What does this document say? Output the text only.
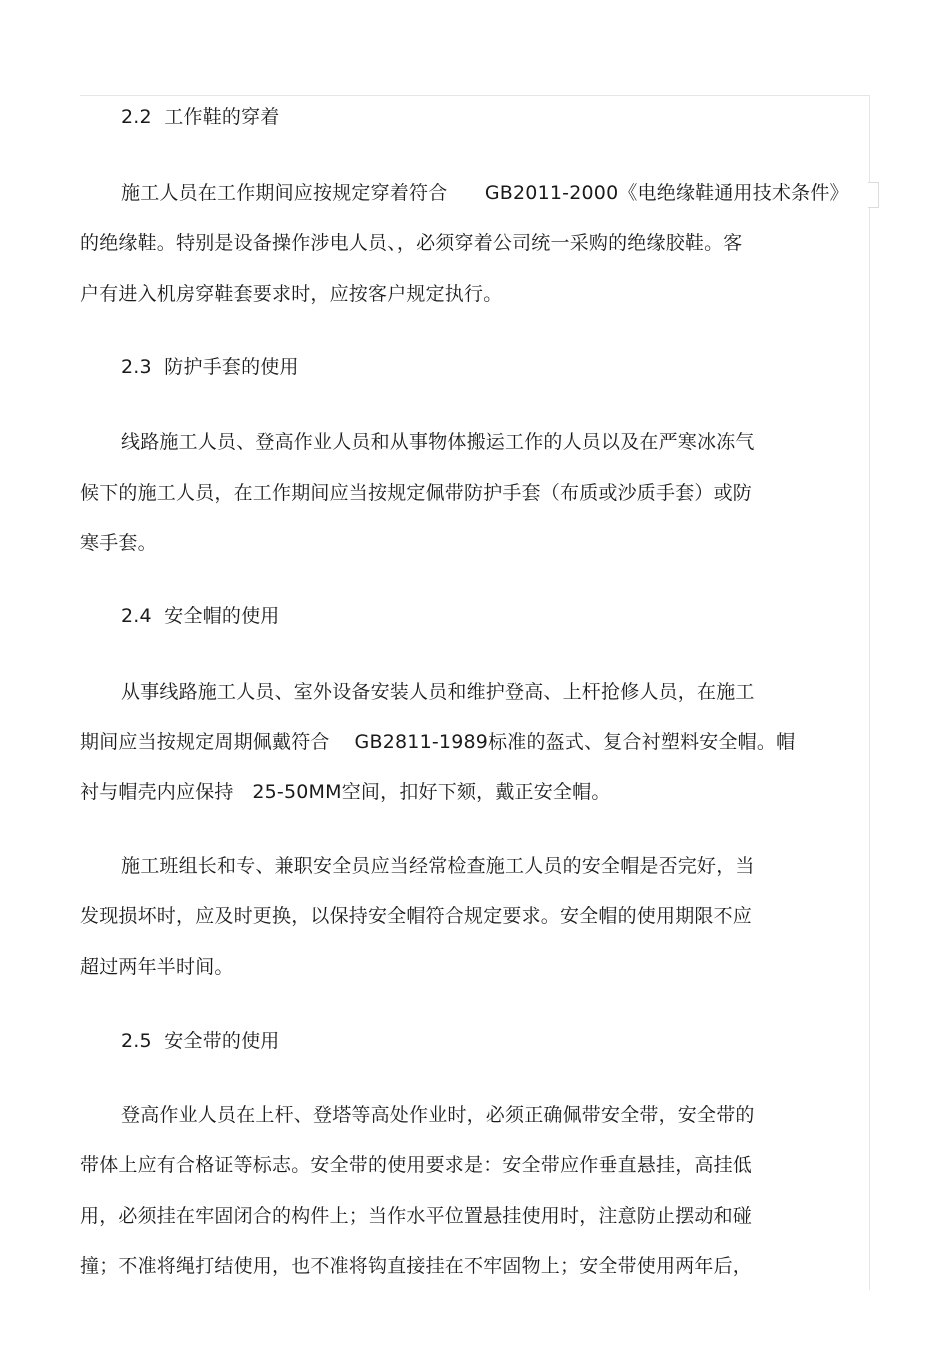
2.2  工作鞋的穿着
施工人员在工作期间应按规定穿着符合      GB2011-2000《电绝缘鞋通用技术条件》
的绝缘鞋。特别是设备操作涉电人员、，必须穿着公司统一采购的绝缘胶鞋。客
户有进入机房穿鞋套要求时，应按客户规定执行。
2.3  防护手套的使用
线路施工人员、登高作业人员和从事物体搬运工作的人员以及在严寒冰冻气
候下的施工人员，在工作期间应当按规定佩带防护手套（布质或沙质手套）或防
寒手套。
2.4  安全帽的使用
从事线路施工人员、室外设备安装人员和维护登高、上杆抢修人员，在施工
期间应当按规定周期佩戴符合    GB2811-1989标准的盔式、复合衬塑料安全帽。帽
衬与帽壳内应保持   25-50MM空间，扣好下颏，戴正安全帽。
施工班组长和专、兼职安全员应当经常检查施工人员的安全帽是否完好，当
发现损坏时，应及时更换，以保持安全帽符合规定要求。安全帽的使用期限不应
超过两年半时间。
2.5  安全带的使用
登高作业人员在上杆、登塔等高处作业时，必须正确佩带安全带，安全带的
带体上应有合格证等标志。安全带的使用要求是：安全带应作垂直悬挂，高挂低
用，必须挂在牢固闭合的构件上；当作水平位置悬挂使用时，注意防止摆动和碰
撞；不准将绳打结使用，也不准将钩直接挂在不牢固物上；安全带使用两年后，
